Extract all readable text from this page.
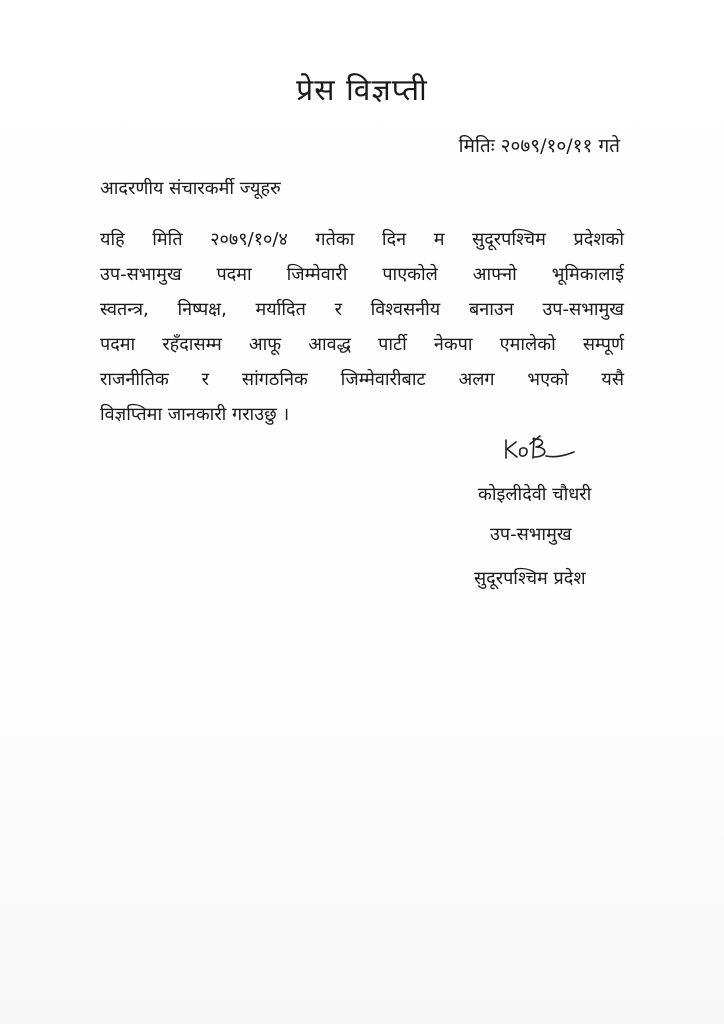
प्रेस विज्ञप्ती
मितिः २०७९/१०/११ गते
आदरणीय संचारकर्मी ज्यूहरु
यहि मिति २०७९/१०/४ गतेका दिन म सुदूरपश्चिम प्रदेशको
उप-सभामुख पदमा जिम्मेवारी पाएकोले आफ्नो भूमिकालाई
स्वतन्त्र, निष्पक्ष, मर्यादित र विश्वसनीय बनाउन उप-सभामुख
पदमा रहँदासम्म आफू आवद्ध पार्टी नेकपा एमालेको सम्पूर्ण
राजनीतिक र सांगठनिक जिम्मेवारीबाट अलग भएको यसै
विज्ञप्तिमा जानकारी गराउछु ।
कोइलीदेवी चौधरी
उप-सभामुख
सुदूरपश्चिम प्रदेश
